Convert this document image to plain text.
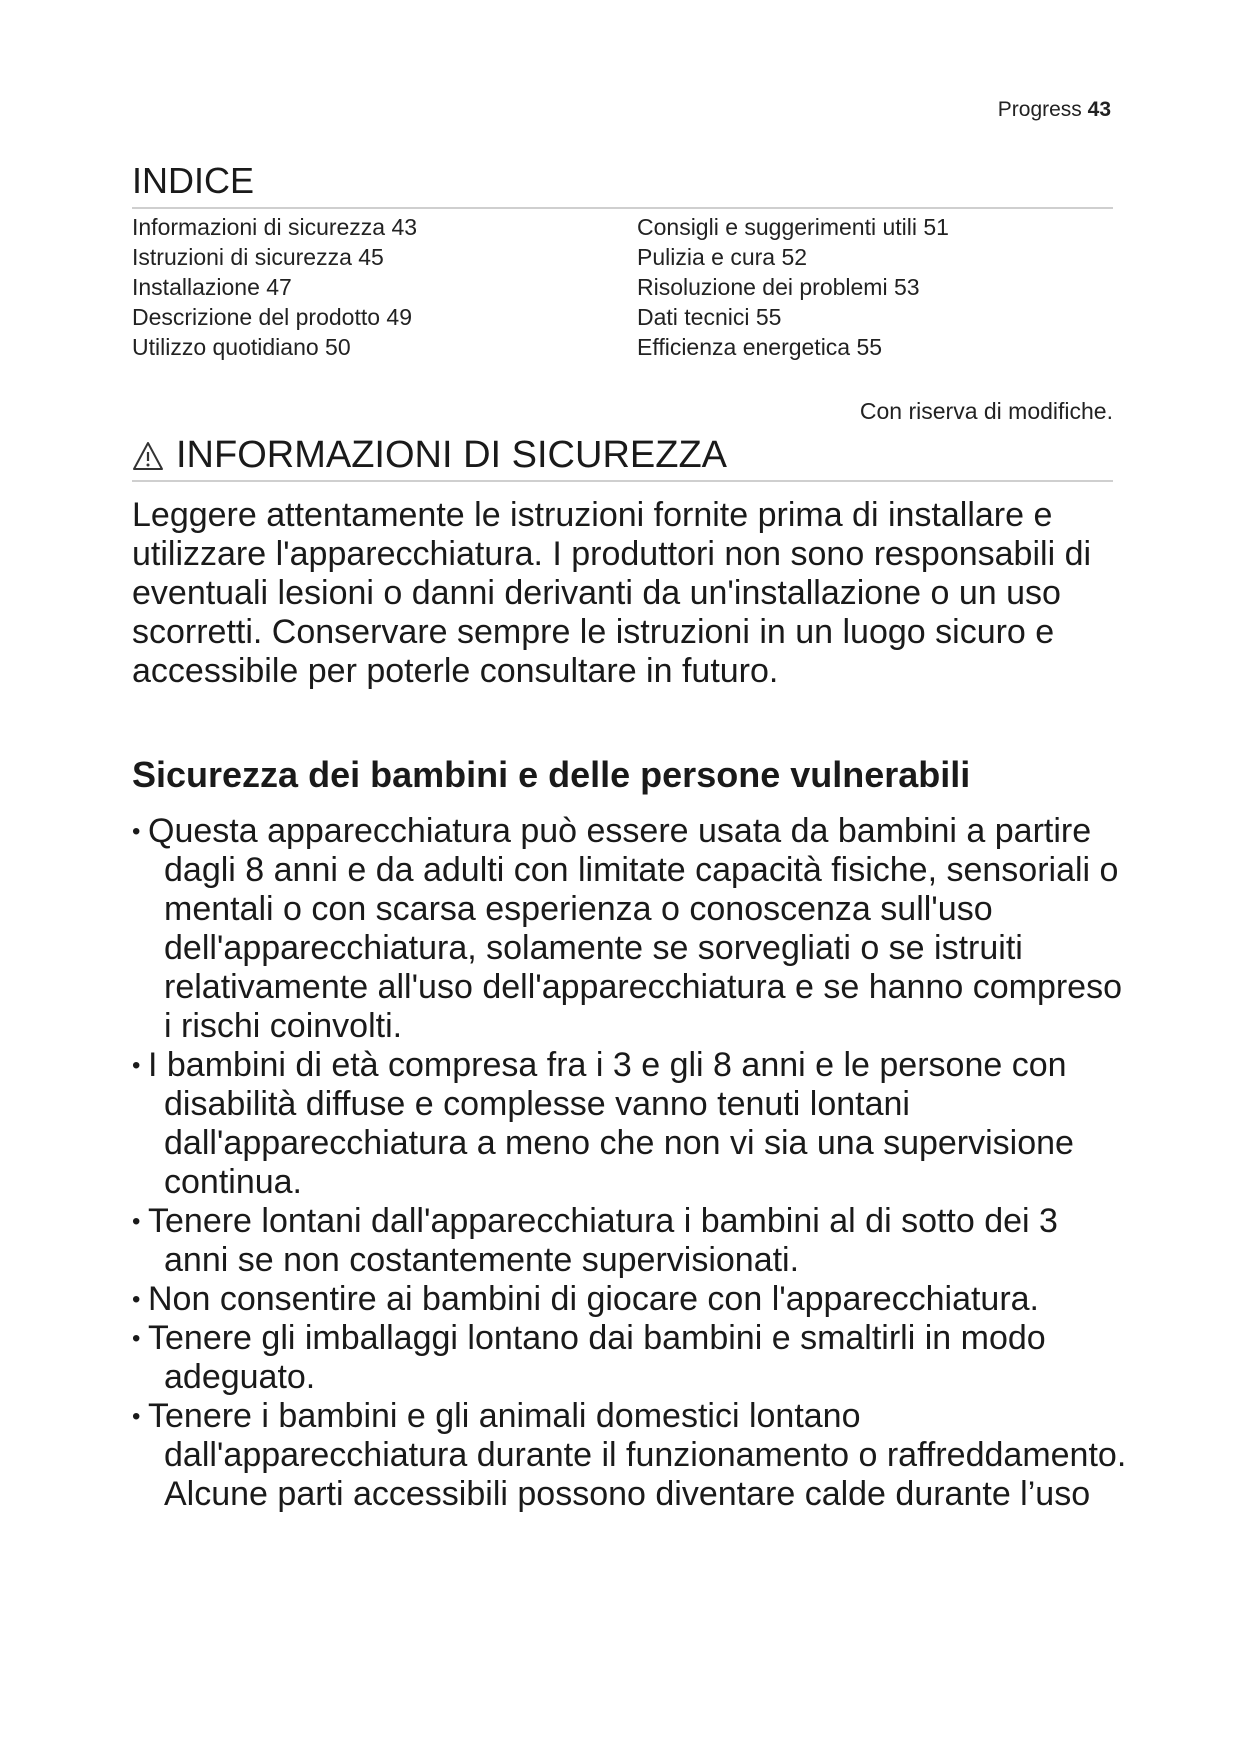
Progress 43
INDICE
Informazioni di sicurezza 43
Istruzioni di sicurezza 45
Installazione 47
Descrizione del prodotto 49
Utilizzo quotidiano 50
Consigli e suggerimenti utili 51
Pulizia e cura 52
Risoluzione dei problemi 53
Dati tecnici 55
Efficienza energetica 55
Con riserva di modifiche.
INFORMAZIONI DI SICUREZZA
Leggere attentamente le istruzioni fornite prima di installare e utilizzare l'apparecchiatura. I produttori non sono responsabili di eventuali lesioni o danni derivanti da un'installazione o un uso scorretti. Conservare sempre le istruzioni in un luogo sicuro e accessibile per poterle consultare in futuro.
Sicurezza dei bambini e delle persone vulnerabili
• Questa apparecchiatura può essere usata da bambini a partire dagli 8 anni e da adulti con limitate capacità fisiche, sensoriali o mentali o con scarsa esperienza o conoscenza sull'uso dell'apparecchiatura, solamente se sorvegliati o se istruiti relativamente all'uso dell'apparecchiatura e se hanno compreso i rischi coinvolti.
• I bambini di età compresa fra i 3 e gli 8 anni e le persone con disabilità diffuse e complesse vanno tenuti lontani dall'apparecchiatura a meno che non vi sia una supervisione continua.
• Tenere lontani dall'apparecchiatura i bambini al di sotto dei 3 anni se non costantemente supervisionati.
• Non consentire ai bambini di giocare con l'apparecchiatura.
• Tenere gli imballaggi lontano dai bambini e smaltirli in modo adeguato.
• Tenere i bambini e gli animali domestici lontano dall'apparecchiatura durante il funzionamento o raffreddamento. Alcune parti accessibili possono diventare calde durante l’uso
